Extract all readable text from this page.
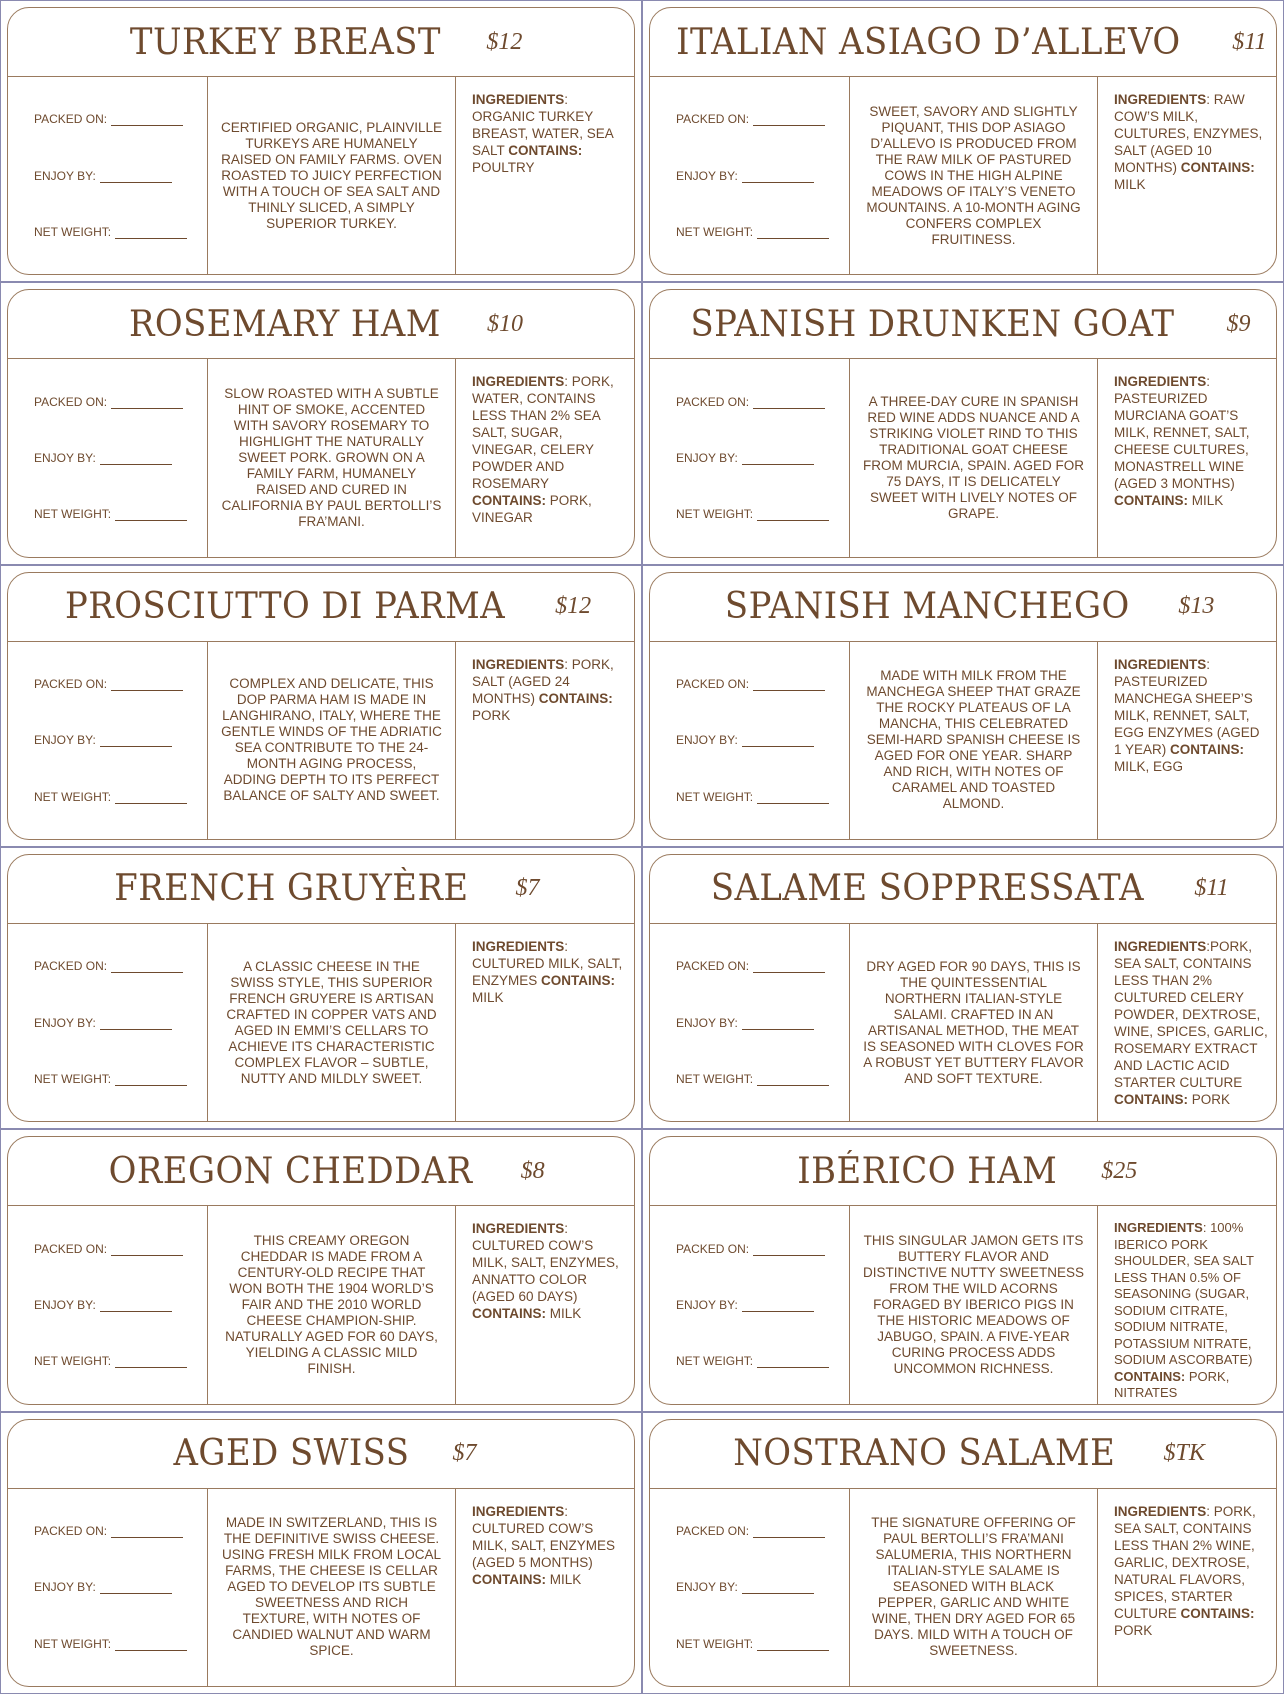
TURKEY BREAST $12
PACKED ON:
ENJOY BY:
NET WEIGHT:
CERTIFIED ORGANIC, PLAINVILLE TURKEYS ARE HUMANELY RAISED ON FAMILY FARMS. OVEN ROASTED TO JUICY PERFECTION WITH A TOUCH OF SEA SALT AND THINLY SLICED, A SIMPLY SUPERIOR TURKEY.
INGREDIENTS: ORGANIC TURKEY BREAST, WATER, SEA SALT CONTAINS: POULTRY
ITALIAN ASIAGO D’ALLEVO $11
PACKED ON:
ENJOY BY:
NET WEIGHT:
SWEET, SAVORY AND SLIGHTLY PIQUANT, THIS DOP ASIAGO D’ALLEVO IS PRODUCED FROM THE RAW MILK OF PASTURED COWS IN THE HIGH ALPINE MEADOWS OF ITALY’S VENETO MOUNTAINS. A 10-MONTH AGING CONFERS COMPLEX FRUITINESS.
INGREDIENTS: RAW COW’S MILK, CULTURES, ENZYMES, SALT (AGED 10 MONTHS) CONTAINS: MILK
ROSEMARY HAM $10
PACKED ON:
ENJOY BY:
NET WEIGHT:
SLOW ROASTED WITH A SUBTLE HINT OF SMOKE, ACCENTED WITH SAVORY ROSEMARY TO HIGHLIGHT THE NATURALLY SWEET PORK. GROWN ON A FAMILY FARM, HUMANELY RAISED AND CURED IN CALIFORNIA BY PAUL BERTOLLI’S FRA’MANI.
INGREDIENTS: PORK, WATER, CONTAINS LESS THAN 2% SEA SALT, SUGAR, VINEGAR, CELERY POWDER AND ROSEMARY CONTAINS: PORK, VINEGAR
SPANISH DRUNKEN GOAT $9
PACKED ON:
ENJOY BY:
NET WEIGHT:
A THREE-DAY CURE IN SPANISH RED WINE ADDS NUANCE AND A STRIKING VIOLET RIND TO THIS TRADITIONAL GOAT CHEESE FROM MURCIA, SPAIN. AGED FOR 75 DAYS, IT IS DELICATELY SWEET WITH LIVELY NOTES OF GRAPE.
INGREDIENTS: PASTEURIZED MURCIANA GOAT’S MILK, RENNET, SALT, CHEESE CULTURES, MONASTRELL WINE (AGED 3 MONTHS) CONTAINS: MILK
PROSCIUTTO DI PARMA $12
PACKED ON:
ENJOY BY:
NET WEIGHT:
COMPLEX AND DELICATE, THIS DOP PARMA HAM IS MADE IN LANGHIRANO, ITALY, WHERE THE GENTLE WINDS OF THE ADRIATIC SEA CONTRIBUTE TO THE 24-MONTH AGING PROCESS, ADDING DEPTH TO ITS PERFECT BALANCE OF SALTY AND SWEET.
INGREDIENTS: PORK, SALT (AGED 24 MONTHS) CONTAINS: PORK
SPANISH MANCHEGO $13
PACKED ON:
ENJOY BY:
NET WEIGHT:
MADE WITH MILK FROM THE MANCHEGA SHEEP THAT GRAZE THE ROCKY PLATEAUS OF LA MANCHA, THIS CELEBRATED SEMI-HARD SPANISH CHEESE IS AGED FOR ONE YEAR. SHARP AND RICH, WITH NOTES OF CARAMEL AND TOASTED ALMOND.
INGREDIENTS: PASTEURIZED MANCHEGA SHEEP’S MILK, RENNET, SALT, EGG ENZYMES (AGED 1 YEAR) CONTAINS: MILK, EGG
FRENCH GRUYÈRE $7
PACKED ON:
ENJOY BY:
NET WEIGHT:
A CLASSIC CHEESE IN THE SWISS STYLE, THIS SUPERIOR FRENCH GRUYERE IS ARTISAN CRAFTED IN COPPER VATS AND AGED IN EMMI’S CELLARS TO ACHIEVE ITS CHARACTERISTIC COMPLEX FLAVOR – SUBTLE, NUTTY AND MILDLY SWEET.
INGREDIENTS: CULTURED MILK, SALT, ENZYMES CONTAINS: MILK
SALAME SOPPRESSATA $11
PACKED ON:
ENJOY BY:
NET WEIGHT:
DRY AGED FOR 90 DAYS, THIS IS THE QUINTESSENTIAL NORTHERN ITALIAN-STYLE SALAMI. CRAFTED IN AN ARTISANAL METHOD, THE MEAT IS SEASONED WITH CLOVES FOR A ROBUST YET BUTTERY FLAVOR AND SOFT TEXTURE.
INGREDIENTS:PORK, SEA SALT, CONTAINS LESS THAN 2% CULTURED CELERY POWDER, DEXTROSE, WINE, SPICES, GARLIC, ROSEMARY EXTRACT AND LACTIC ACID STARTER CULTURE CONTAINS: PORK
OREGON CHEDDAR $8
PACKED ON:
ENJOY BY:
NET WEIGHT:
THIS CREAMY OREGON CHEDDAR IS MADE FROM A CENTURY-OLD RECIPE THAT WON BOTH THE 1904 WORLD’S FAIR AND THE 2010 WORLD CHEESE CHAMPION-SHIP. NATURALLY AGED FOR 60 DAYS, YIELDING A CLASSIC MILD FINISH.
INGREDIENTS: CULTURED COW’S MILK, SALT, ENZYMES, ANNATTO COLOR (AGED 60 DAYS) CONTAINS: MILK
IBÉRICO HAM $25
PACKED ON:
ENJOY BY:
NET WEIGHT:
THIS SINGULAR JAMON GETS ITS BUTTERY FLAVOR AND DISTINCTIVE NUTTY SWEETNESS FROM THE WILD ACORNS FORAGED BY IBERICO PIGS IN THE HISTORIC MEADOWS OF JABUGO, SPAIN. A FIVE-YEAR CURING PROCESS ADDS UNCOMMON RICHNESS.
INGREDIENTS: 100% IBERICO PORK SHOULDER, SEA SALT LESS THAN 0.5% OF SEASONING (SUGAR, SODIUM CITRATE, SODIUM NITRATE, POTASSIUM NITRATE, SODIUM ASCORBATE) CONTAINS: PORK, NITRATES
AGED SWISS $7
PACKED ON:
ENJOY BY:
NET WEIGHT:
MADE IN SWITZERLAND, THIS IS THE DEFINITIVE SWISS CHEESE. USING FRESH MILK FROM LOCAL FARMS, THE CHEESE IS CELLAR AGED TO DEVELOP ITS SUBTLE SWEETNESS AND RICH TEXTURE, WITH NOTES OF CANDIED WALNUT AND WARM SPICE.
INGREDIENTS: CULTURED COW’S MILK, SALT, ENZYMES (AGED 5 MONTHS) CONTAINS: MILK
NOSTRANO SALAME $TK
PACKED ON:
ENJOY BY:
NET WEIGHT:
THE SIGNATURE OFFERING OF PAUL BERTOLLI’S FRA’MANI SALUMERIA, THIS NORTHERN ITALIAN-STYLE SALAME IS SEASONED WITH BLACK PEPPER, GARLIC AND WHITE WINE, THEN DRY AGED FOR 65 DAYS. MILD WITH A TOUCH OF SWEETNESS.
INGREDIENTS: PORK, SEA SALT, CONTAINS LESS THAN 2% WINE, GARLIC, DEXTROSE, NATURAL FLAVORS, SPICES, STARTER CULTURE CONTAINS: PORK
